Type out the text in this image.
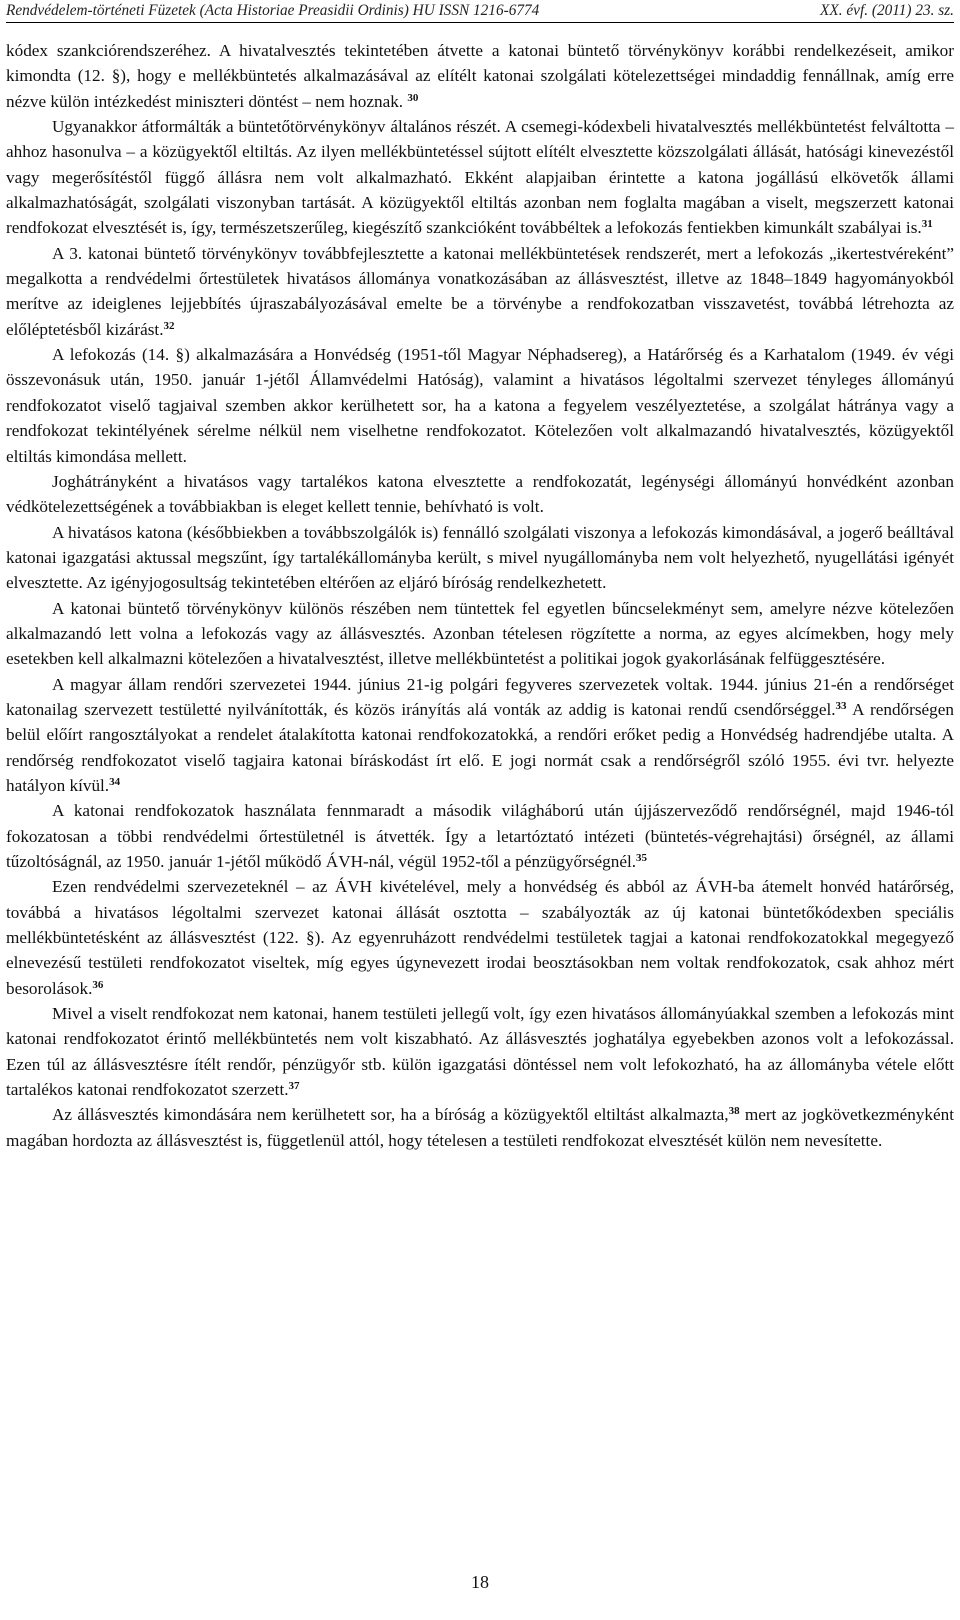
Rendvédelem-történeti Füzetek (Acta Historiae Preasidii Ordinis) HU ISSN 1216-6774	XX. évf. (2011) 23. sz.

kódex szankciórendszeréhez. A hivatalvesztés tekintetében átvette a katonai büntető törvénykönyv korábbi rendelkezéseit, amikor kimondta (12. §), hogy e mellékbüntetés alkalmazásával az elítélt katonai szolgálati kötelezettségei mindaddig fennállnak, amíg erre nézve külön intézkedést miniszteri döntést – nem hoznak. $^{30}$

Ugyanakkor átformálták a büntetőtörvénykönyv általános részét. A csemegi-kódexbeli hivatalvesztés mellékbüntetést felváltotta – ahhoz hasonulva – a közügyektől eltiltás. Az ilyen mellékbüntetéssel sújtott elítélt elvesztette közszolgálati állását, hatósági kinevezéstől vagy megerősítéstől függő állásra nem volt alkalmazható. Ekként alapjaiban érintette a katona jogállású elkövetők állami alkalmazhatóságát, szolgálati viszonyban tartását. A közügyektől eltiltás azonban nem foglalta magában a viselt, megszerzett katonai rendfokozat elvesztését is, így, természetszerűleg, kiegészítő szankcióként továbbéltek a lefokozás fentiekben kimunkált szabályai is.$^{31}$

A 3. katonai büntető törvénykönyv továbbfejlesztette a katonai mellékbüntetések rendszerét, mert a lefokozás „ikertestvéreként” megalkotta a rendvédelmi őrtestületek hivatásos állománya vonatkozásában az állásvesztést, illetve az 1848–1849 hagyományokból merítve az ideiglenes lejjebbítés újraszabályozásával emelte be a törvénybe a rendfokozatban visszavetést, továbbá létrehozta az előléptetésből kizárást.$^{32}$

A lefokozás (14. §) alkalmazására a Honvédség (1951-től Magyar Néphadsereg), a Határőrség és a Karhatalom (1949. év végi összevonásuk után, 1950. január 1-jétől Államvédelmi Hatóság), valamint a hivatásos légoltalmi szervezet tényleges állományú rendfokozatot viselő tagjaival szemben akkor kerülhetett sor, ha a katona a fegyelem veszélyeztetése, a szolgálat hátránya vagy a rendfokozat tekintélyének sérelme nélkül nem viselhetne rendfokozatot. Kötelezően volt alkalmazandó hivatalvesztés, közügyektől eltiltás kimondása mellett.

Joghátrányként a hivatásos vagy tartalékos katona elvesztette a rendfokozatát, legénységi állományú honvédként azonban védkötelezettségének a továbbiakban is eleget kellett tennie, behívható is volt.

A hivatásos katona (későbbiekben a továbbszolgálók is) fennálló szolgálati viszonya a lefokozás kimondásával, a jogerő beálltával katonai igazgatási aktussal megszűnt, így tartalékállományba került, s mivel nyugállományba nem volt helyezhető, nyugellátási igényét elvesztette. Az igényjogosultság tekintetében eltérően az eljáró bíróság rendelkezhetett.

A katonai büntető törvénykönyv különös részében nem tüntettek fel egyetlen bűncselekményt sem, amelyre nézve kötelezően alkalmazandó lett volna a lefokozás vagy az állásvesztés. Azonban tételesen rögzítette a norma, az egyes alcímekben, hogy mely esetekben kell alkalmazni kötelezően a hivatalvesztést, illetve mellékbüntetést a politikai jogok gyakorlásának felfüggesztésére.

A magyar állam rendőri szervezetei 1944. június 21-ig polgári fegyveres szervezetek voltak. 1944. június 21-én a rendőrséget katonailag szervezett testületté nyilvánították, és közös irányítás alá vonták az addig is katonai rendű csendőrséggel.$^{33}$ A rendőrségen belül előírt rangosztályokat a rendelet átalakította katonai rendfokozatokká, a rendőri erőket pedig a Honvédség hadrendjébe utalta. A rendőrség rendfokozatot viselő tagjaira katonai bíráskodást írt elő. E jogi normát csak a rendőrségről szóló 1955. évi tvr. helyezte hatályon kívül.$^{34}$

A katonai rendfokozatok használata fennmaradt a második világháború után újjászerveződő rendőrségnél, majd 1946-tól fokozatosan a többi rendvédelmi őrtestületnél is átvették. Így a letartóztató intézeti (büntetés-végrehajtási) őrségnél, az állami tűzoltóságnál, az 1950. január 1-jétől működő ÁVH-nál, végül 1952-től a pénzügyőrségnél.$^{35}$

Ezen rendvédelmi szervezeteknél – az ÁVH kivételével, mely a honvédség és abból az ÁVH-ba átemelt honvéd határőrség, továbbá a hivatásos légoltalmi szervezet katonai állását osztotta – szabályozták az új katonai büntetőkódexben speciális mellékbüntetésként az állásvesztést (122. §). Az egyenruházott rendvédelmi testületek tagjai a katonai rendfokozatokkal megegyező elnevezésű testületi rendfokozatot viseltek, míg egyes úgynevezett irodai beosztásokban nem voltak rendfokozatok, csak ahhoz mért besorolások.$^{36}$

Mivel a viselt rendfokozat nem katonai, hanem testületi jellegű volt, így ezen hivatásos állományúakkal szemben a lefokozás mint katonai rendfokozatot érintő mellékbüntetés nem volt kiszabható. Az állásvesztés joghatálya egyebekben azonos volt a lefokozással. Ezen túl az állásvesztésre ítélt rendőr, pénzügyőr stb. külön igazgatási döntéssel nem volt lefokozható, ha az állományba vétele előtt tartalékos katonai rendfokozatot szerzett.$^{37}$

Az állásvesztés kimondására nem kerülhetett sor, ha a bíróság a közügyektől eltiltást alkalmazta,$^{38}$ mert az jogkövetkezményként magában hordozta az állásvesztést is, függetlenül attól, hogy tételesen a testületi rendfokozat elvesztését külön nem nevesítette.

18
